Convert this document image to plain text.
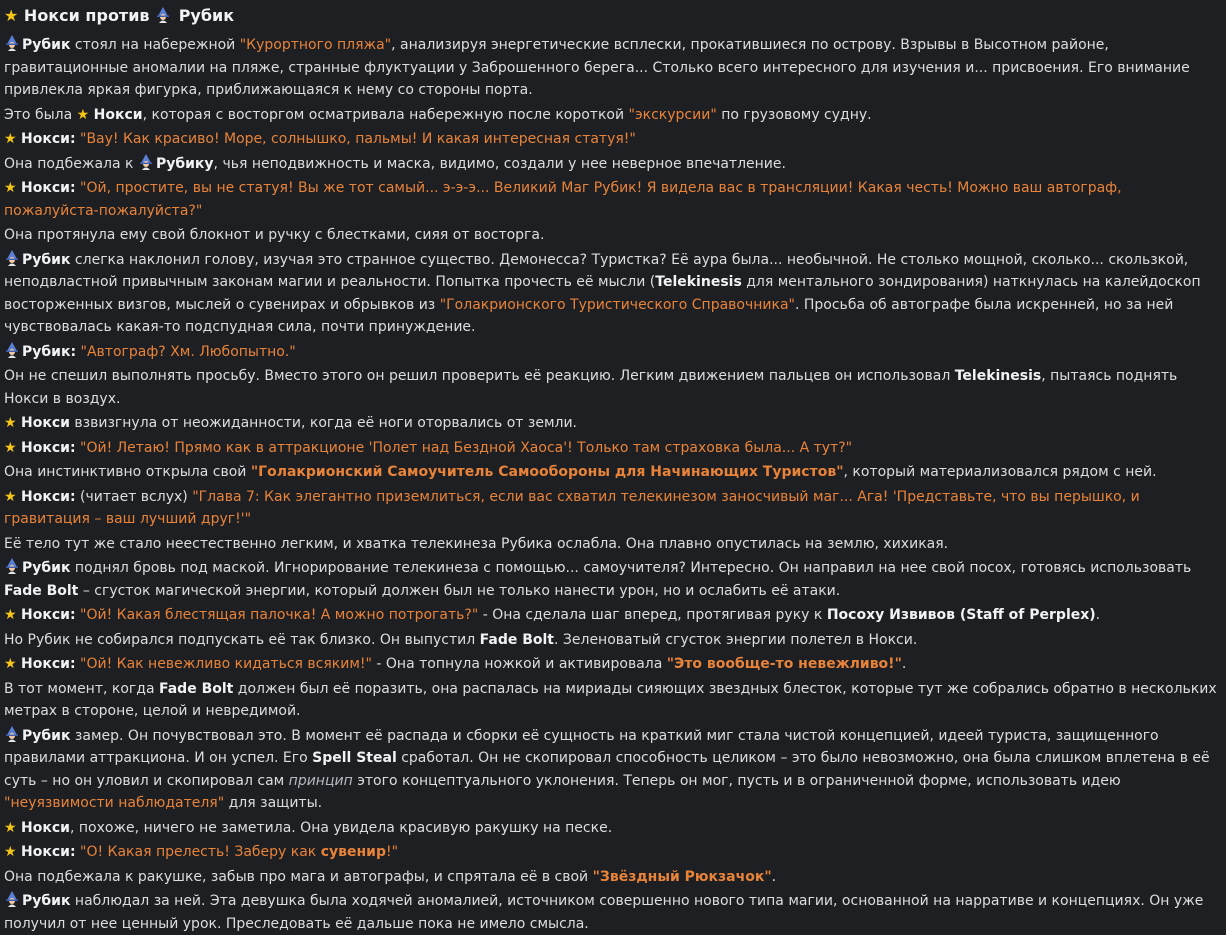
★ Нокси против Рубик
Рубик стоял на набережной "Курортного пляжа", анализируя энергетические всплески, прокатившиеся по острову. Взрывы в Высотном районе, гравитационные аномалии на пляже, странные флуктуации у Заброшенного берега... Столько всего интересного для изучения и... присвоения. Его внимание привлекла яркая фигурка, приближающаяся к нему со стороны порта.
Это была ★ Нокси, которая с восторгом осматривала набережную после короткой "экскурсии" по грузовому судну.
★ Нокси: "Вау! Как красиво! Море, солнышко, пальмы! И какая интересная статуя!"
Она подбежала к Рубику, чья неподвижность и маска, видимо, создали у нее неверное впечатление.
★ Нокси: "Ой, простите, вы не статуя! Вы же тот самый... э-э-э... Великий Маг Рубик! Я видела вас в трансляции! Какая честь! Можно ваш автограф, пожалуйста-пожалуйста?"
Она протянула ему свой блокнот и ручку с блестками, сияя от восторга.
Рубик слегка наклонил голову, изучая это странное существо. Демонесса? Туристка? Её аура была... необычной. Не столько мощной, сколько... скользкой, неподвластной привычным законам магии и реальности. Попытка прочесть её мысли (Telekinesis для ментального зондирования) наткнулась на калейдоскоп восторженных визгов, мыслей о сувенирах и обрывков из "Голакрионского Туристического Справочника". Просьба об автографе была искренней, но за ней чувствовалась какая-то подспудная сила, почти принуждение.
Рубик: "Автограф? Хм. Любопытно."
Он не спешил выполнять просьбу. Вместо этого он решил проверить её реакцию. Легким движением пальцев он использовал Telekinesis, пытаясь поднять Нокси в воздух.
★ Нокси взвизгнула от неожиданности, когда её ноги оторвались от земли.
★ Нокси: "Ой! Летаю! Прямо как в аттракционе 'Полет над Бездной Хаоса'! Только там страховка была... А тут?"
Она инстинктивно открыла свой "Голакрионский Самоучитель Самообороны для Начинающих Туристов", который материализовался рядом с ней.
★ Нокси: (читает вслух) "Глава 7: Как элегантно приземлиться, если вас схватил телекинезом заносчивый маг... Ага! 'Представьте, что вы перышко, и гравитация – ваш лучший друг!'"
Её тело тут же стало неестественно легким, и хватка телекинеза Рубика ослабла. Она плавно опустилась на землю, хихикая.
Рубик поднял бровь под маской. Игнорирование телекинеза с помощью... самоучителя? Интересно. Он направил на нее свой посох, готовясь использовать Fade Bolt – сгусток магической энергии, который должен был не только нанести урон, но и ослабить её атаки.
★ Нокси: "Ой! Какая блестящая палочка! А можно потрогать?" - Она сделала шаг вперед, протягивая руку к Посоху Извивов (Staff of Perplex).
Но Рубик не собирался подпускать её так близко. Он выпустил Fade Bolt. Зеленоватый сгусток энергии полетел в Нокси.
★ Нокси: "Ой! Как невежливо кидаться всяким!" - Она топнула ножкой и активировала "Это вообще-то невежливо!".
В тот момент, когда Fade Bolt должен был её поразить, она распалась на мириады сияющих звездных блесток, которые тут же собрались обратно в нескольких метрах в стороне, целой и невредимой.
Рубик замер. Он почувствовал это. В момент её распада и сборки её сущность на краткий миг стала чистой концепцией, идеей туриста, защищенного правилами аттракциона. И он успел. Его Spell Steal сработал. Он не скопировал способность целиком – это было невозможно, она была слишком вплетена в её суть – но он уловил и скопировал сам принцип этого концептуального уклонения. Теперь он мог, пусть и в ограниченной форме, использовать идею "неуязвимости наблюдателя" для защиты.
★ Нокси, похоже, ничего не заметила. Она увидела красивую ракушку на песке.
★ Нокси: "О! Какая прелесть! Заберу как сувенир!"
Она подбежала к ракушке, забыв про мага и автографы, и спрятала её в свой "Звёздный Рюкзачок".
Рубик наблюдал за ней. Эта девушка была ходячей аномалией, источником совершенно нового типа магии, основанной на нарративе и концепциях. Он уже получил от нее ценный урок. Преследовать её дальше пока не имело смысла.
